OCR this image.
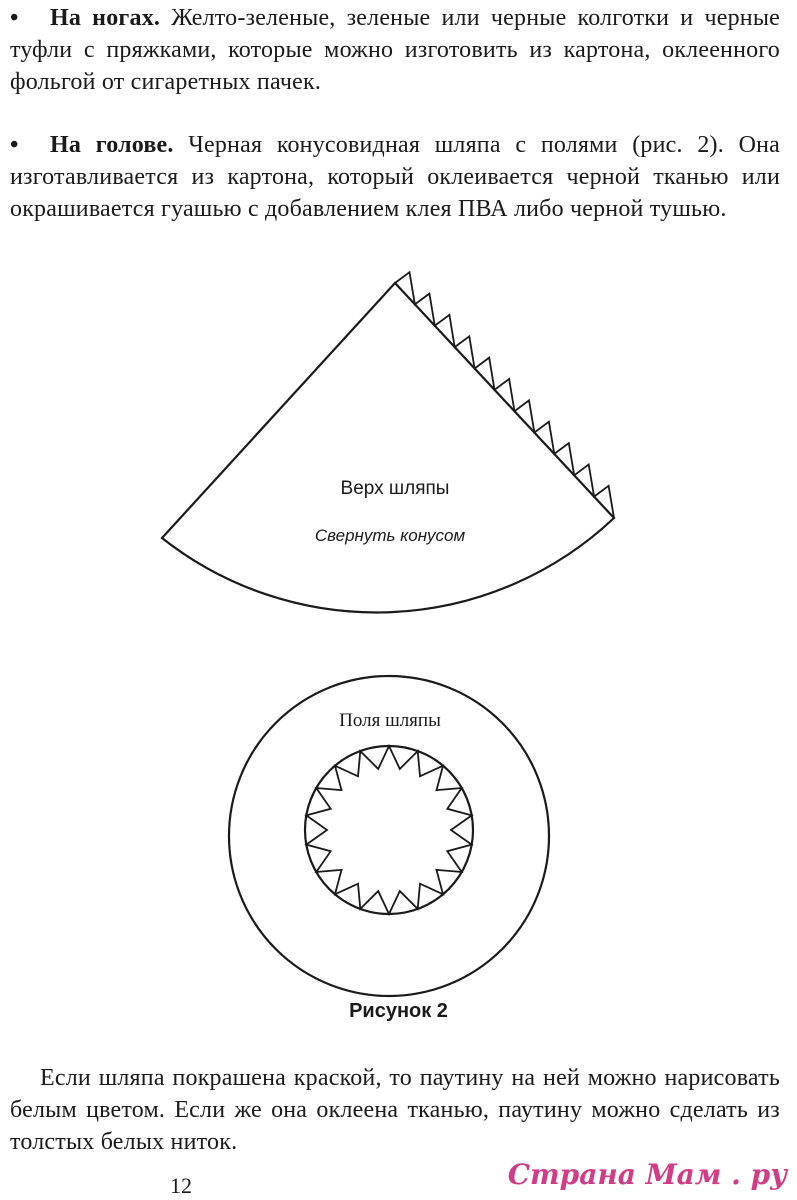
• На ногах. Желто-зеленые, зеленые или черные колготки и черные туфли с пряжками, которые можно изготовить из картона, оклеенного фольгой от сигаретных пачек.
• На голове. Черная конусовидная шляпа с полями (рис. 2). Она изготавливается из картона, который оклеивается черной тканью или окрашивается гуашью с добавлением клея ПВА либо черной тушью.
Верх шляпы
Свернуть конусом
Поля шляпы
Рисунок 2
Если шляпа покрашена краской, то паутину на ней можно нарисовать белым цветом. Если же она оклеена тканью, паутину можно сделать из толстых белых ниток.
12	Страна Мам . ру
